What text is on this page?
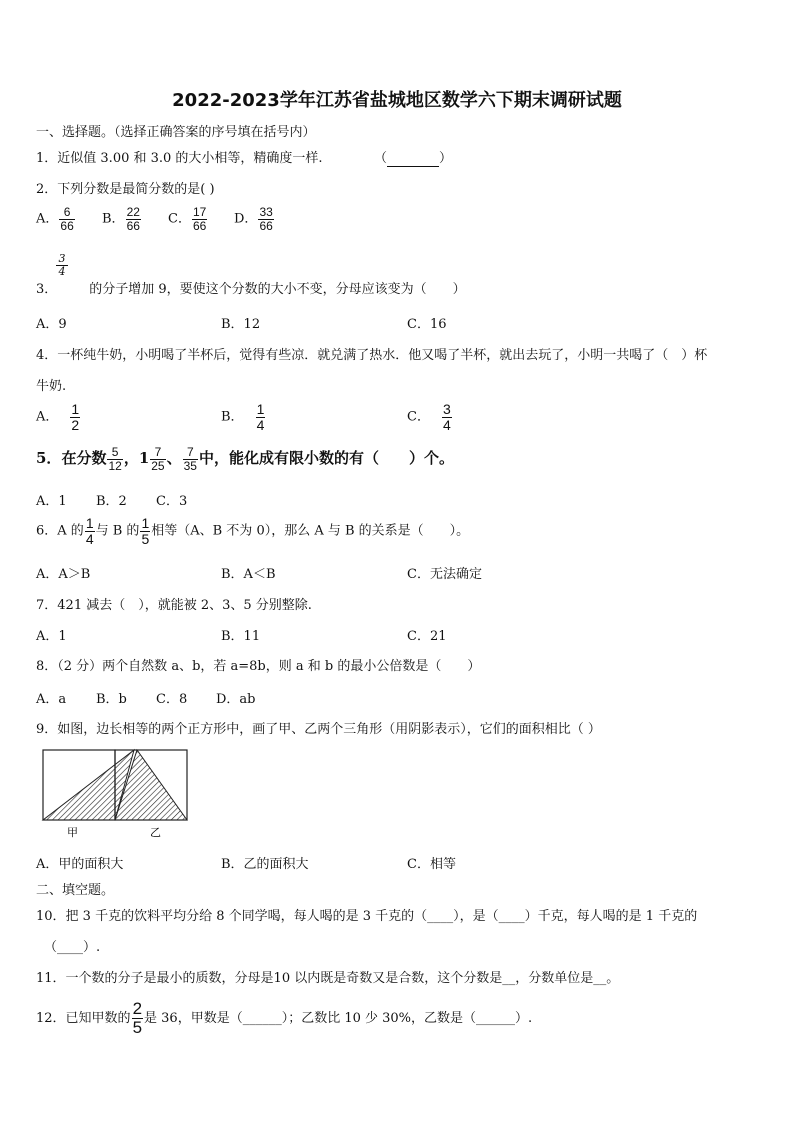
2022-2023学年江苏省盐城地区数学六下期末调研试题
一、选择题。（选择正确答案的序号填在括号内）
1．近似值 3.00 和 3.0 的大小相等，精确度一样.	（	）
2．下列分数是最简分数的是( )
A． $\frac{6}{66}$ B． $\frac{22}{66}$ C． $\frac{17}{66}$ D． $\frac{33}{66}$
3
4
3． 的分子增加 9，要使这个分数的大小不变，分母应该变为（　　）
A．9	B．12	C．16
4．一杯纯牛奶，小明喝了半杯后，觉得有些凉．就兑满了热水．他又喝了半杯，就出去玩了，小明一共喝了（　）杯
牛奶.
A． $\frac{1}{2}$	B． $\frac{1}{4}$	C． $\frac{3}{4}$
5．在分数 $\frac{5}{12}$ ，$1 \frac{7}{25}$ 、 $\frac{7}{35}$ 中，能化成有限小数的有（　　）个。
A．1 B．2 C．3
6．A 的 $\frac{1}{4}$ 与 B 的 $\frac{1}{5}$ 相等（A、B 不为 0），那么 A 与 B 的关系是（　　）。
A．A＞B	B．A＜B	C．无法确定
7．421 减去（　），就能被 2、3、5 分别整除.
A．1	B．11	C．21
8．（2 分）两个自然数 a、b，若 a=8b，则 a 和 b 的最小公倍数是（　　）
A．a B．b C．8 D．ab
9．如图，边长相等的两个正方形中，画了甲、乙两个三角形（用阴影表示），它们的面积相比（ ）
甲	乙
A．甲的面积大	B．乙的面积大	C．相等
二、填空题。
10．把 3 千克的饮料平均分给 8 个同学喝，每人喝的是 3 千克的（____），是（____）千克，每人喝的是 1 千克的
（____）.
11．一个数的分子是最小的质数，分母是10 以内既是奇数又是合数，这个分数是__，分数单位是__。
12．已知甲数的 $\frac{2}{5}$ 是 36，甲数是（______）；乙数比 10 少 30%，乙数是（______）.
